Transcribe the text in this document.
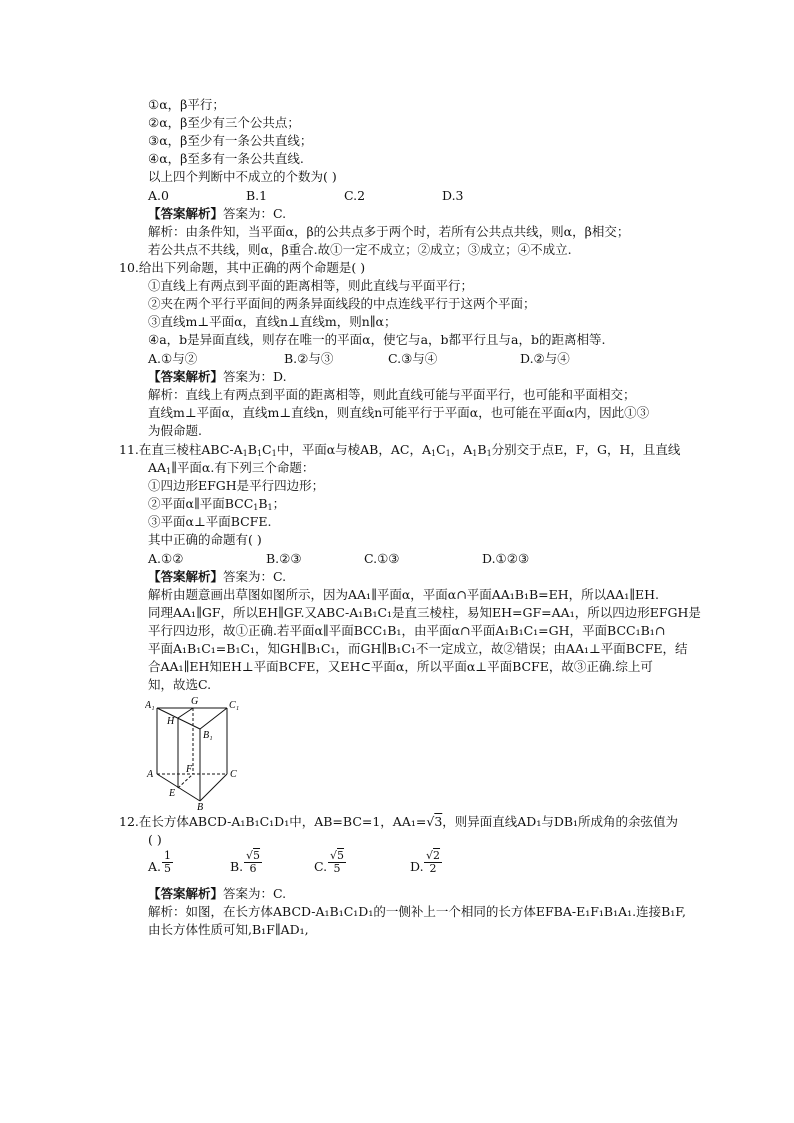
①α，β平行；
②α，β至少有三个公共点；
③α，β至少有一条公共直线；
④α，β至多有一条公共直线.
以上四个判断中不成立的个数为( )
A.0	B.1	C.2	D.3
【答案解析】答案为：C.
解析：由条件知，当平面α，β的公共点多于两个时，若所有公共点共线，则α，β相交；
若公共点不共线，则α，β重合.故①一定不成立；②成立；③成立；④不成立.
10.给出下列命题，其中正确的两个命题是( )
①直线上有两点到平面的距离相等，则此直线与平面平行；
②夹在两个平行平面间的两条异面线段的中点连线平行于这两个平面；
③直线m⊥平面α，直线n⊥直线m，则n∥α；
④a，b是异面直线，则存在唯一的平面α，使它与a，b都平行且与a，b的距离相等.
A.①与②	B.②与③	C.③与④	D.②与④
【答案解析】答案为：D.
解析：直线上有两点到平面的距离相等，则此直线可能与平面平行，也可能和平面相交；
直线m⊥平面α，直线m⊥直线n，则直线n可能平行于平面α，也可能在平面α内，因此①③
为假命题.
11.在直三棱柱ABC-$A_1B_1C_1$中，平面α与棱AB，AC，$A_1C_1$，$A_1B_1$分别交于点E，F，G，H，且直线
$AA_1\parallel$平面α.有下列三个命题：
①四边形EFGH是平行四边形；
②平面α∥平面$BCC_1B_1$；
③平面α⊥平面BCFE.
其中正确的命题有( )
A.①②	B.②③	C.①③	D.①②③
【答案解析】答案为：C.
解析由题意画出草图如图所示，因为AA₁∥平面α，平面α∩平面AA₁B₁B=EH，所以AA₁∥EH.
同理AA₁∥GF，所以EH∥GF.又ABC-A₁B₁C₁是直三棱柱，易知EH=GF=AA₁，所以四边形EFGH是
平行四边形，故①正确.若平面α∥平面BCC₁B₁，由平面α∩平面A₁B₁C₁=GH，平面BCC₁B₁∩
平面A₁B₁C₁=B₁C₁，知GH∥B₁C₁，而GH∥B₁C₁不一定成立，故②错误；由AA₁⊥平面BCFE，结
合AA₁∥EH知EH⊥平面BCFE，又EH⊂平面α，所以平面α⊥平面BCFE，故③正确.综上可
知，故选C.
A₁	G	C₁
H
B₁
F
A	C
E
B
12.在长方体ABCD-A₁B₁C₁D₁中，AB=BC=1，AA₁=√3，则异面直线AD₁与DB₁所成角的余弦值为
( )
A. $\frac{1}{5}$	B. $\frac{√5}{6}$	C. $\frac{√5}{5}$	D. $\frac{√2}{2}$
【答案解析】答案为：C.
解析：如图，在长方体ABCD-A₁B₁C₁D₁的一侧补上一个相同的长方体EFBA-E₁F₁B₁A₁.连接B₁F,
由长方体性质可知,B₁F∥AD₁,
